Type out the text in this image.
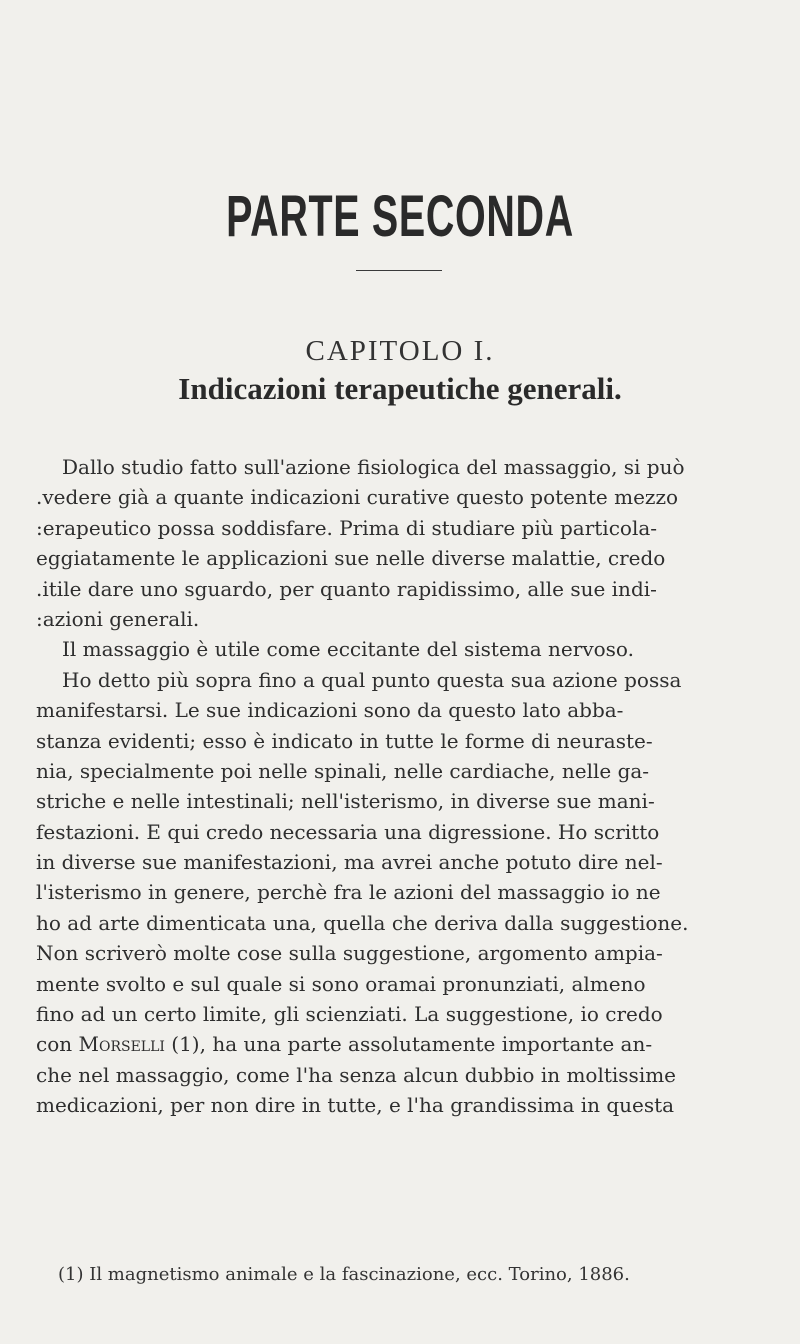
PARTE SECONDA
CAPITOLO I.
Indicazioni terapeutiche generali.
Dallo studio fatto sull'azione fisiologica del massaggio, si può
.vedere già a quante indicazioni curative questo potente mezzo
:erapeutico possa soddisfare. Prima di studiare più particola-
eggiatamente le applicazioni sue nelle diverse malattie, credo
.itile dare uno sguardo, per quanto rapidissimo, alle sue indi-
:azioni generali.
Il massaggio è utile come eccitante del sistema nervoso.
Ho detto più sopra fino a qual punto questa sua azione possa
manifestarsi. Le sue indicazioni sono da questo lato abba-
stanza evidenti; esso è indicato in tutte le forme di neuraste-
nia, specialmente poi nelle spinali, nelle cardiache, nelle ga-
striche e nelle intestinali; nell'isterismo, in diverse sue mani-
festazioni. E qui credo necessaria una digressione. Ho scritto
in diverse sue manifestazioni, ma avrei anche potuto dire nel-
l'isterismo in genere, perchè fra le azioni del massaggio io ne
ho ad arte dimenticata una, quella che deriva dalla suggestione.
Non scriverò molte cose sulla suggestione, argomento ampia-
mente svolto e sul quale si sono oramai pronunziati, almeno
fino ad un certo limite, gli scienziati. La suggestione, io credo
con Morselli (1), ha una parte assolutamente importante an-
che nel massaggio, come l'ha senza alcun dubbio in moltissime
medicazioni, per non dire in tutte, e l'ha grandissima in questa
(1) Il magnetismo animale e la fascinazione, ecc. Torino, 1886.
